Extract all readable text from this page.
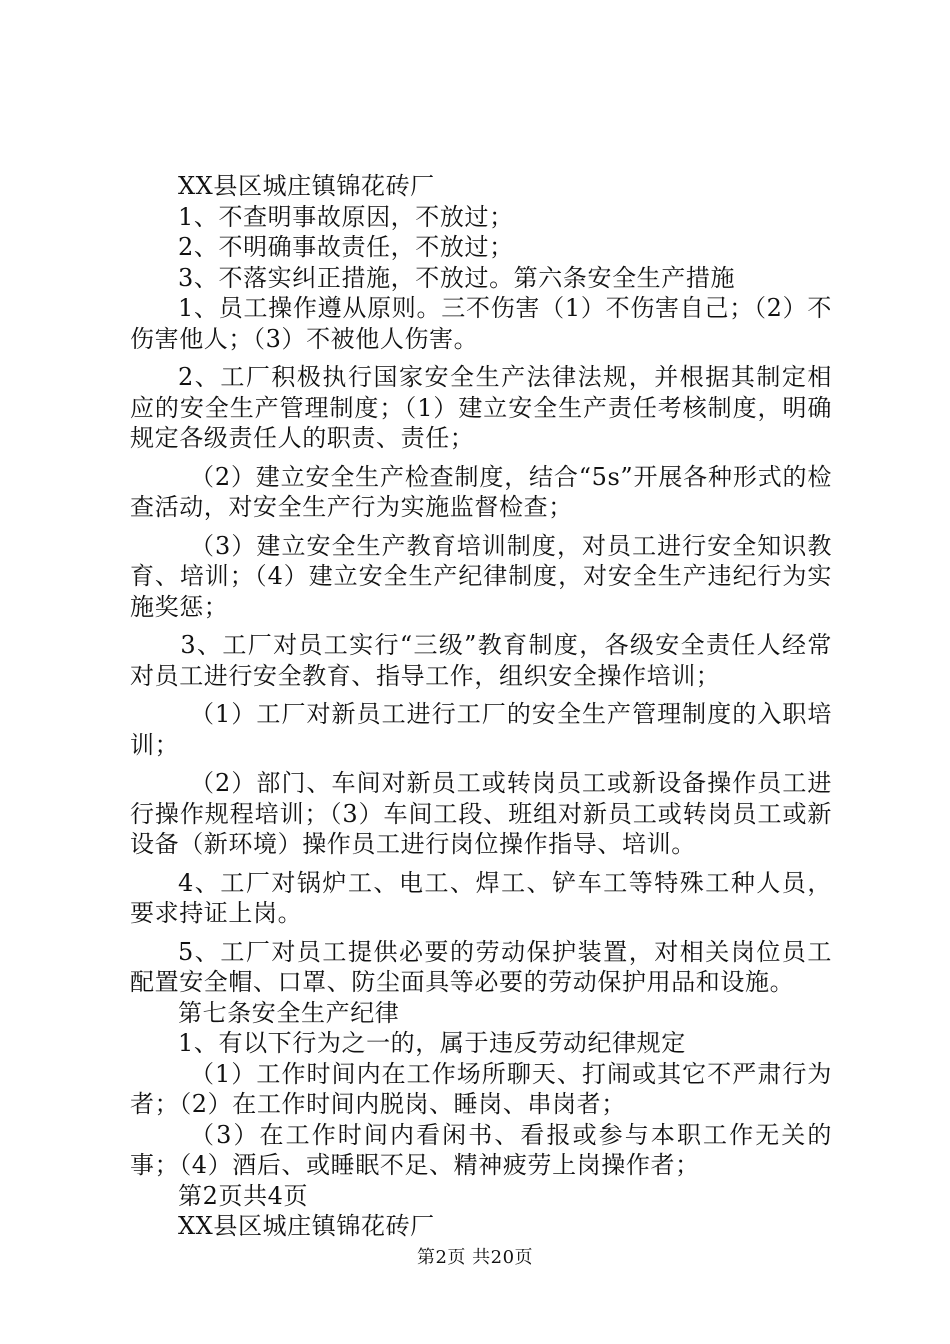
XX县区城庄镇锦花砖厂

1、不查明事故原因，不放过；

2、不明确事故责任，不放过；

3、不落实纠正措施，不放过。第六条安全生产措施

1、员工操作遵从原则。三不伤害（1）不伤害自己；（2）不伤害他人；（3）不被他人伤害。

2、工厂积极执行国家安全生产法律法规，并根据其制定相应的安全生产管理制度；（1）建立安全生产责任考核制度，明确规定各级责任人的职责、责任；

（2）建立安全生产检查制度，结合“5s”开展各种形式的检查活动，对安全生产行为实施监督检查；

（3）建立安全生产教育培训制度，对员工进行安全知识教育、培训；（4）建立安全生产纪律制度，对安全生产违纪行为实施奖惩；

3、工厂对员工实行“三级”教育制度，各级安全责任人经常对员工进行安全教育、指导工作，组织安全操作培训；

（1）工厂对新员工进行工厂的安全生产管理制度的入职培训；

（2）部门、车间对新员工或转岗员工或新设备操作员工进行操作规程培训；（3）车间工段、班组对新员工或转岗员工或新设备（新环境）操作员工进行岗位操作指导、培训。

4、工厂对锅炉工、电工、焊工、铲车工等特殊工种人员，要求持证上岗。

5、工厂对员工提供必要的劳动保护装置，对相关岗位员工配置安全帽、口罩、防尘面具等必要的劳动保护用品和设施。

第七条安全生产纪律

1、有以下行为之一的，属于违反劳动纪律规定

（1）工作时间内在工作场所聊天、打闹或其它不严肃行为者；（2）在工作时间内脱岗、睡岗、串岗者；

（3）在工作时间内看闲书、看报或参与本职工作无关的事；（4）酒后、或睡眠不足、精神疲劳上岗操作者；

第2页共4页

XX县区城庄镇锦花砖厂

第2页 共20页
